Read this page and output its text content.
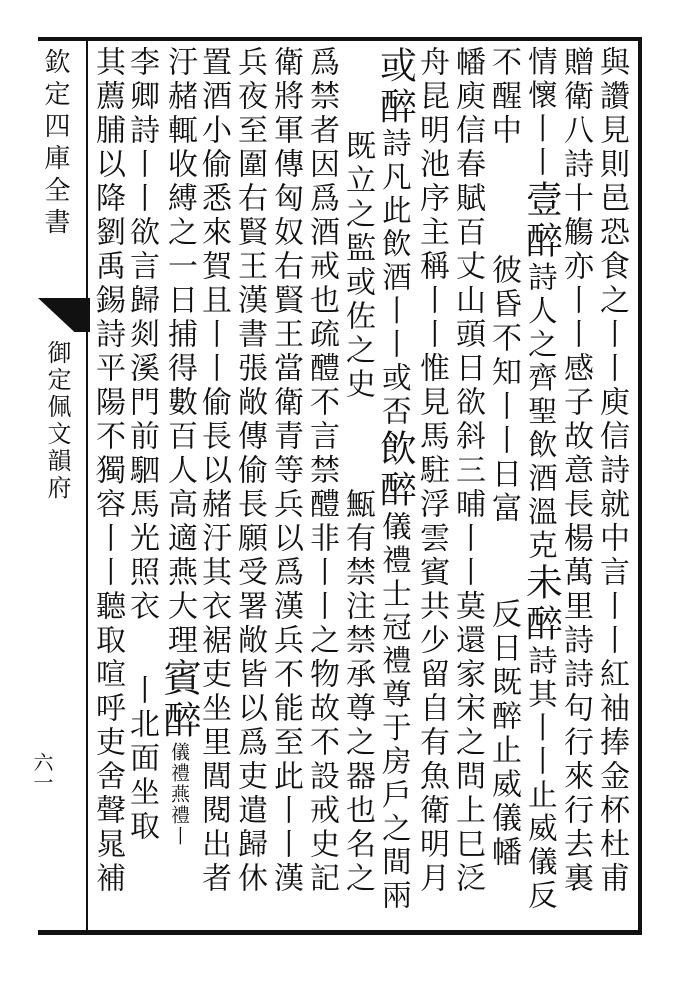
欽定四庫全書
御定佩文韻府
六一	與讚見則邑恐食之丨丨庾信詩就中言丨丨紅袖捧金杯杜甫
贈衛八詩十觴亦丨丨感子故意長楊萬里詩詩句行來行去裏
情懷丨丨壹醉詩人之齊聖飲酒溫克未醉詩其丨丨止威儀反
不醒中彼昏不知丨丨日富反日既醉止威儀幡
幡庾信春賦百丈山頭日欲斜三晡丨丨莫還家宋之問上巳泛
舟昆明池序主稱丨丨惟見馬駐浮雲賓共少留自有魚衛明月
或醉詩凡此飲酒丨丨或否飲醉儀禮士冠禮尊于房戶之間兩
既立之監或佐之史甒有禁注禁承尊之器也名之
爲禁者因爲酒戒也疏醴不言禁醴非丨丨之物故不設戒史記
衛將軍傳匈奴右賢王當衛青等兵以爲漢兵不能至此丨丨漢
兵夜至圍右賢王漢書張敞傳偷長願受署敞皆以爲吏遣歸休
置酒小偷悉來賀且丨丨偷長以赭汙其衣裾吏坐里閭閱出者
汙赭輒收縛之一日捕得數百人高適燕大理賓醉儀禮燕禮丨
李卿詩丨丨欲言歸剡溪門前駟馬光照衣丨北面坐取
其薦脯以降劉禹錫詩平陽不獨容丨丨聽取喧呼吏舍聲晁補
